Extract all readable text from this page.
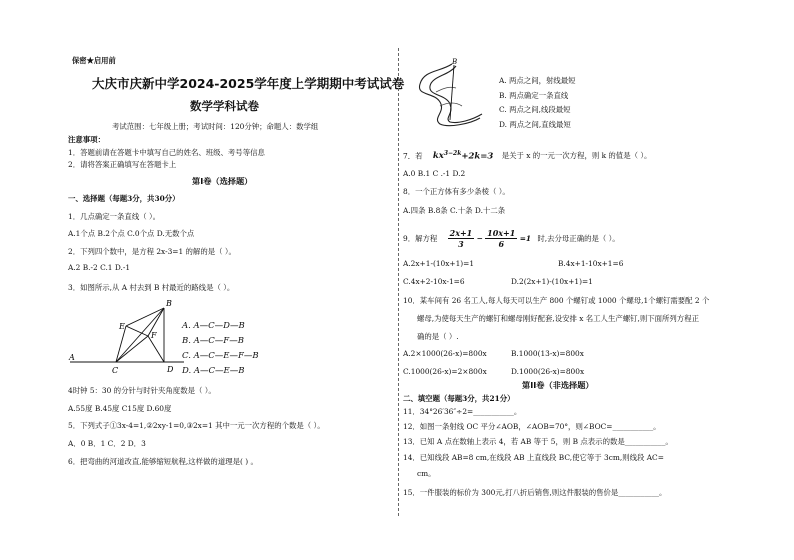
保密★启用前
大庆市庆新中学2024-2025学年度上学期期中考试试卷
数学学科试卷
考试范围：七年级上册；考试时间：120分钟；命题人：数学组
注意事项：
1．答题前请在答题卡中填写自己的姓名、班级、考号等信息
2．请将答案正确填写在答题卡上
第I卷（选择题）
一、选择题（每题3分，共30分）
1．几点确定一条直线（ ）。
A.1个点 B.2个点 C.0个点 D.无数个点
2．下列四个数中，是方程 2x-3=1 的解的是（ ）。
A.2 B.-2 C.1 D.-1
3．如图所示,从 A 村去到 B 村最近的路线是（ ）。
B
E
F
C	D
A
A. A—C—D—B
B. A—C—F—B
C. A—C—E—F—B
D. A—C—E—B
4时钟 5：30 的分针与时针夹角度数是（ ）。
A.55度 B.45度 C15度 D.60度
5．下列式子①3x-4=1,②2xy-1=0,③2x=1 其中一元一次方程的个数是（ ）。
A．0 B．1 C．2 D．3
6．把弯曲的河道改直,能够缩短航程,这样做的道理是( ) 。
B
A. 两点之间，射线最短
B. 两点确定一条直线
C. 两点之间,线段最短
D. 两点之间,直线最短
7．若 $kx^{3-2k}+2k=3$ 是关于 x 的一元一次方程，则 k 的值是（ ）。
A.0 B.1 C .-1 D.2
8．一个正方体有多少条棱（ ）。
A.四条 B.8条 C.十条 D.十二条
9．解方程 $\frac{2x+1}{3} - \frac{10x+1}{6} =1$ 时,去分母正确的是（ ）。
A.2x+1-(10x+1)=1	B.4x+1-10x+1=6
C.4x+2-10x-1=6	D.2(2x+1)-(10x+1)=1
10．某车间有 26 名工人,每人每天可以生产 800 个螺钉或 1000 个螺母,1个螺钉需要配 2 个
螺母,为使每天生产的螺钉和螺母刚好配套,设安排 x 名工人生产螺钉,则下面所列方程正
确的是（ ）.
A.2×1000(26-x)=800x	B.1000(13-x)=800x
C.1000(26-x)=2×800x	D.1000(26-x)=800x
第II卷（非选择题）
二、填空题（每题3分，共21分）
11．34°26′36″÷2=___________。
12．如图一条射线 OC 平分∠AOB，∠AOB=70°，则∠BOC=___________。
13．已知 A 点在数轴上表示 4，若 AB 等于 5，则 B 点表示的数是___________。
14．已知线段 AB=8 cm,在线段 AB 上直线段 BC,使它等于 3cm,则线段 AC=
cm。
15．一件服装的标价为 300元,打八折后销售,则这件服装的售价是___________。
